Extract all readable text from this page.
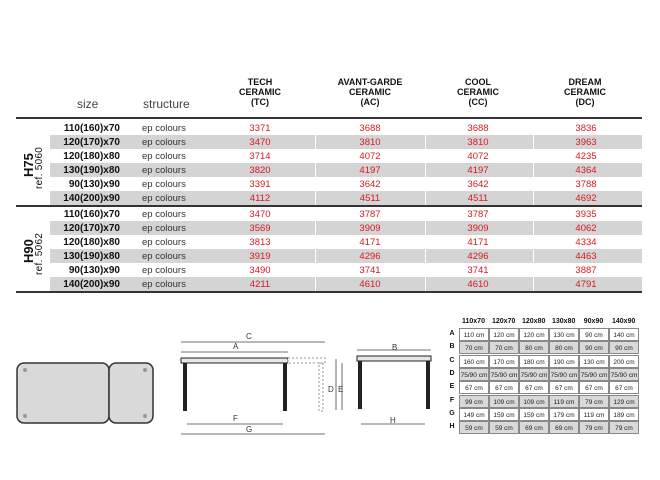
TECH
CERAMIC
(TC)
AVANT-GARDE
CERAMIC
(AC)
COOL
CERAMIC
(CC)
DREAM
CERAMIC
(DC)
size	structure
110(160)x70 ep colours	3371	3688	3688	3836
120(170)x70 ep colours	3470	3810	3810	3963
120(180)x80 ep colours	3714	4072	4072	4235
130(190)x80 ep colours	3820	4197	4197	4364
90(130)x90 ep colours	3391	3642	3642	3788
140(200)x90 ep colours	4112	4511	4511	4692
H75
ref. 5060
110(160)x70 ep colours	3470	3787	3787	3935
120(170)x70 ep colours	3569	3909	3909	4062
120(180)x80 ep colours	3813	4171	4171	4334
130(190)x80 ep colours	3919	4296	4296	4463
90(130)x90 ep colours	3490	3741	3741	3887
140(200)x90 ep colours	4211	4610	4610	4791
H90
ref. 5062
C
A
D E
F
G
B
H
110x70 120x70 120x80 130x80 90x90 140x90
A	110 cm	120 cm	120 cm	130 cm	90 cm	140 cm
B	70 cm	70 cm	80 cm	80 cm	90 cm	90 cm
C	160 cm	170 cm	180 cm	190 cm	130 cm	200 cm
D 75/90 cm 75/90 cm 75/90 cm 75/90 cm 75/90 cm 75/90 cm
E	67 cm	67 cm	67 cm	67 cm	67 cm	67 cm
F	99 cm	109 cm	109 cm	119 cm	79 cm	129 cm
G	149 cm	159 cm	159 cm	179 cm	119 cm	189 cm
H	59 cm	59 cm	69 cm	69 cm	79 cm	79 cm
